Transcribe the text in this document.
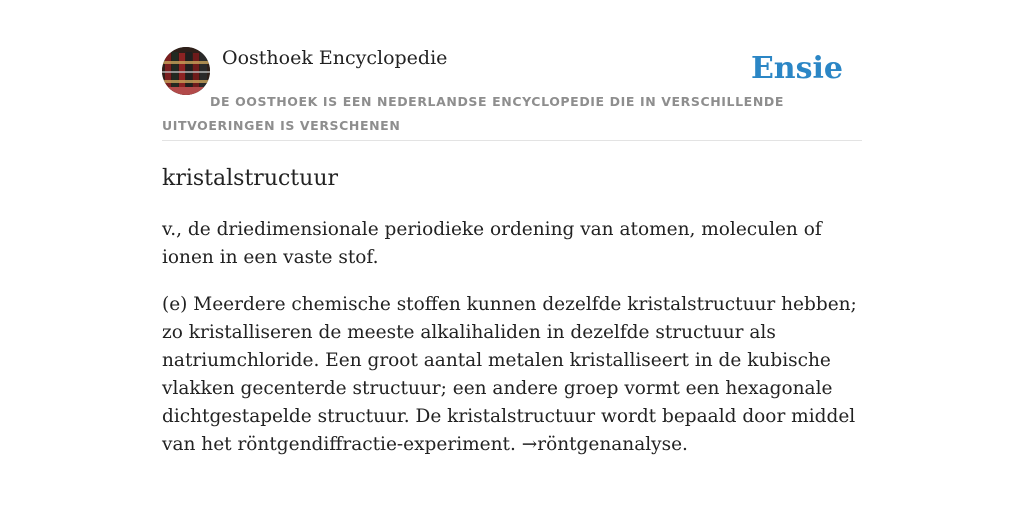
Oosthoek Encyclopedie	Ensie
DE OOSTHOEK IS EEN NEDERLANDSE ENCYCLOPEDIE DIE IN VERSCHILLENDE UITVOERINGEN IS VERSCHENEN
kristalstructuur

v., de driedimensionale periodieke ordening van atomen, moleculen of ionen in een vaste stof.

(e) Meerdere chemische stoffen kunnen dezelfde kristalstructuur hebben; zo kristalliseren de meeste alkalihaliden in dezelfde structuur als natriumchloride. Een groot aantal metalen kristalliseert in de kubische vlakken gecenterde structuur; een andere groep vormt een hexagonale dichtgestapelde structuur. De kristalstructuur wordt bepaald door middel van het röntgendiffractie-experiment. →röntgenanalyse.
